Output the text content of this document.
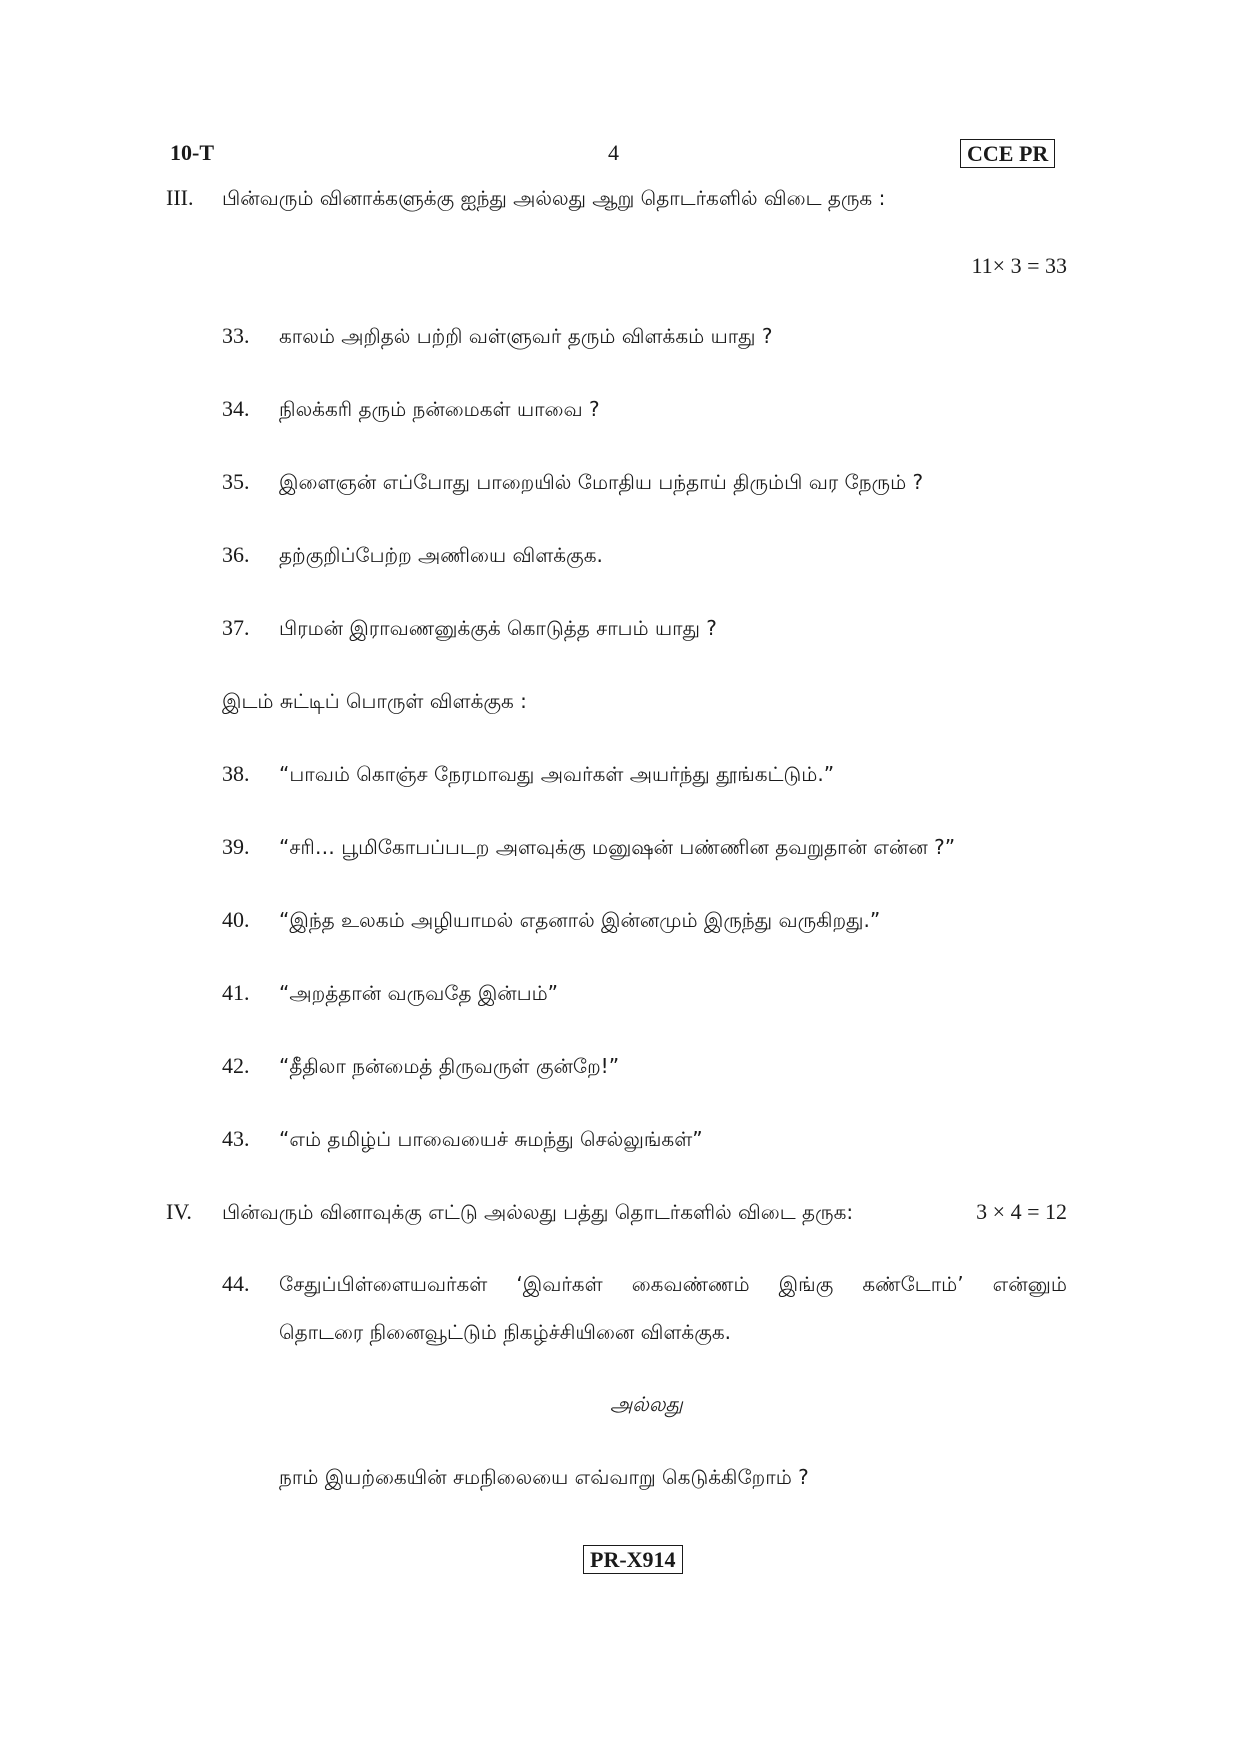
10-T	4	CCE PR
III. பின்வரும் வினாக்களுக்கு ஐந்து அல்லது ஆறு தொடர்களில் விடை தருக :
11× 3 = 33
33. காலம் அறிதல் பற்றி வள்ளுவர் தரும் விளக்கம் யாது ?
34. நிலக்கரி தரும் நன்மைகள் யாவை ?
35. இளைஞன் எப்போது பாறையில் மோதிய பந்தாய் திரும்பி வர நேரும் ?
36. தற்குறிப்பேற்ற அணியை விளக்குக.
37. பிரமன் இராவணனுக்குக் கொடுத்த சாபம் யாது ?
இடம் சுட்டிப் பொருள் விளக்குக :
38. “பாவம் கொஞ்ச நேரமாவது அவர்கள் அயர்ந்து தூங்கட்டும்.”
39. “சரி… பூமிகோபப்படற அளவுக்கு மனுஷன் பண்ணின தவறுதான் என்ன ?”
40. “இந்த உலகம் அழியாமல் எதனால் இன்னமும் இருந்து வருகிறது.”
41. “அறத்தான் வருவதே இன்பம்”
42. “தீதிலா நன்மைத் திருவருள் குன்றே!”
43. “எம் தமிழ்ப் பாவையைச் சுமந்து செல்லுங்கள்”
IV. பின்வரும் வினாவுக்கு எட்டு அல்லது பத்து தொடர்களில் விடை தருக:	3 × 4 = 12
44. சேதுப்பிள்ளையவர்கள் ‘இவர்கள் கைவண்ணம் இங்கு கண்டோம்’ என்னும்
தொடரை நினைவூட்டும் நிகழ்ச்சியினை விளக்குக.
அல்லது
நாம் இயற்கையின் சமநிலையை எவ்வாறு கெடுக்கிறோம் ?
PR-X914
